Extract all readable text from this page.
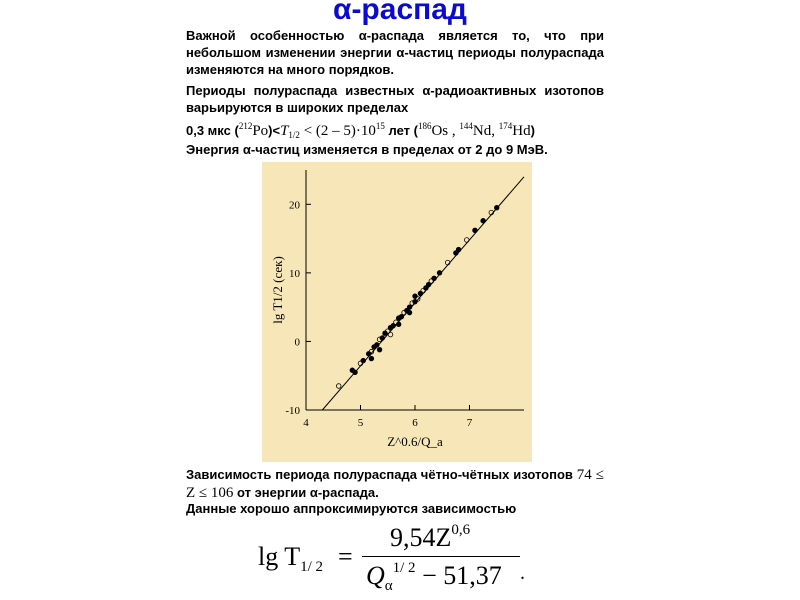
α-распад

Важной особенностью α-распада является то, что при небольшом изменении энергии α-частиц периоды полураспада изменяются на много порядков.

Периоды полураспада известных α-радиоактивных изотопов варьируются в широких пределах

0,3 мкс $(^{212}Po)<T_{1/2} < (2 - 5)\cdot 10^{15}$ лет ($^{186}$Os , $^{144}$Nd, $^{174}$Hd)

Энергия α-частиц изменяется в пределах от 2 до 9 МэВ.

4	5	6	7
-10
0
10
20
Z^0.6/Q_a
lg T1/2 (сек)

Зависимость периода полураспада чётно-чётных изотопов 74 ≤ Z ≤ 106 от энергии α-распада.

Данные хорошо аппроксимируются зависимостью

$\lg T_{1/ 2}$ =
$9,54Z^{0,6}$
$Q_\alpha^{1/ 2} - 51,37$ .
